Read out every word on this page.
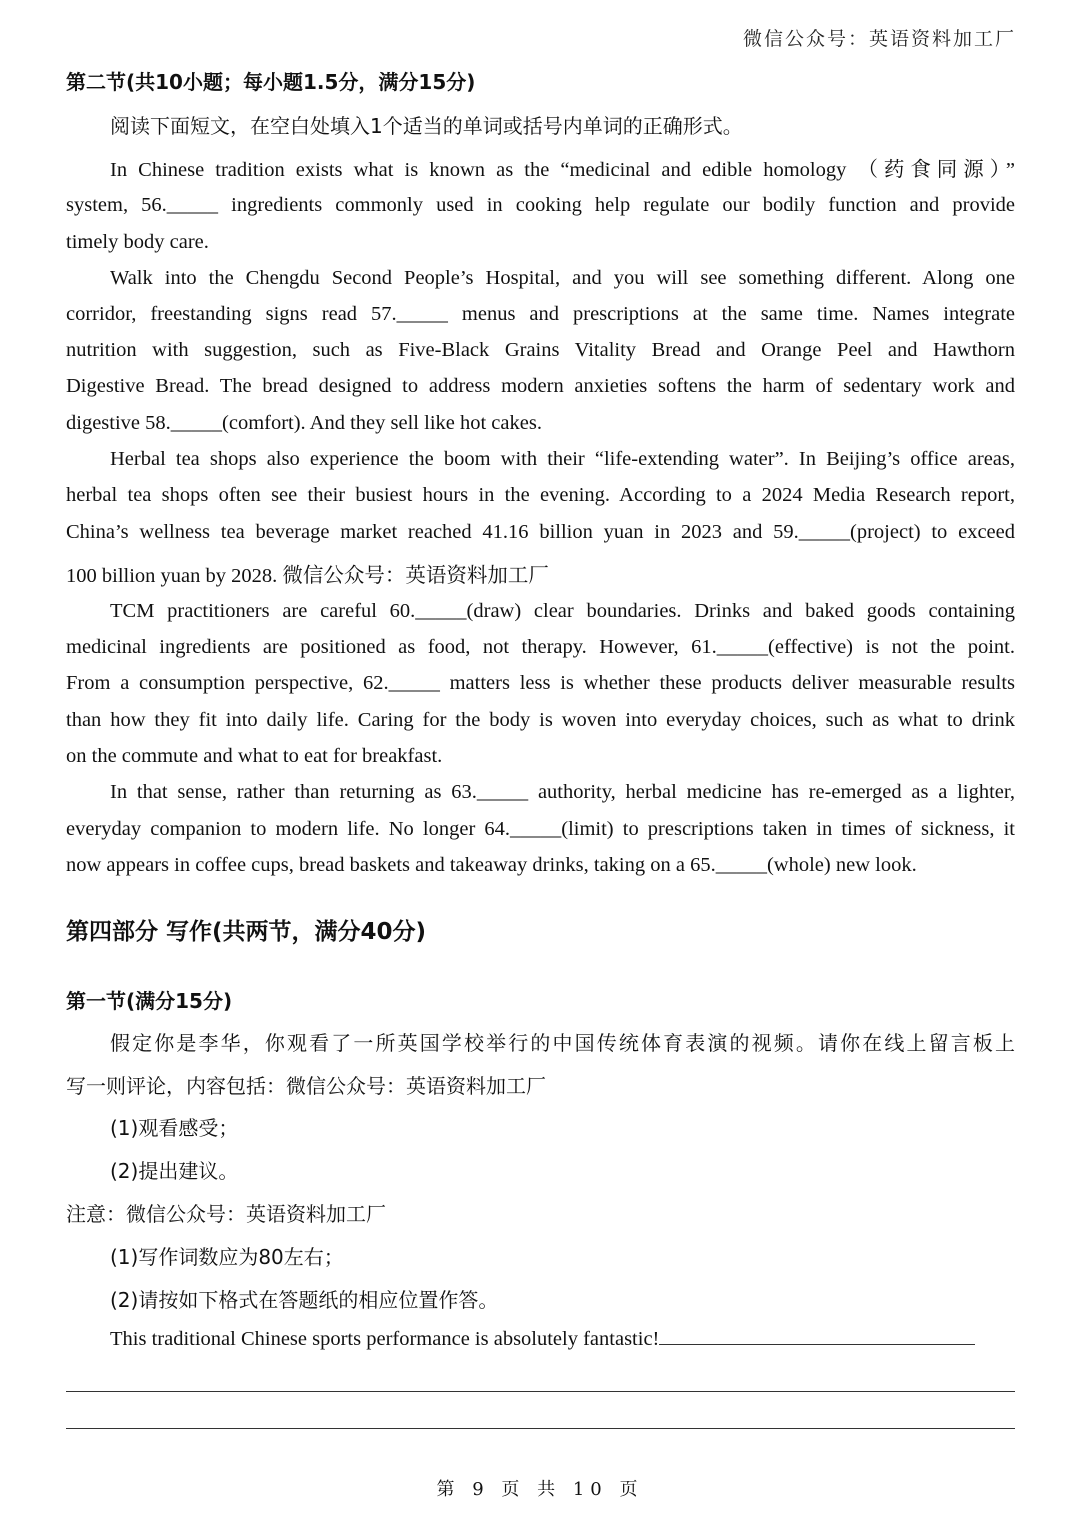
微信公众号：英语资料加工厂
第二节(共10小题；每小题1.5分，满分15分)
阅读下面短文，在空白处填入1个适当的单词或括号内单词的正确形式。
In Chinese tradition exists what is known as the “medicinal and edible homology （药食同源）”
system, 56._____ ingredients commonly used in cooking help regulate our bodily function and provide
timely body care.
Walk into the Chengdu Second People’s Hospital, and you will see something different. Along one
corridor, freestanding signs read 57._____ menus and prescriptions at the same time. Names integrate
nutrition with suggestion, such as Five-Black Grains Vitality Bread and Orange Peel and Hawthorn
Digestive Bread. The bread designed to address modern anxieties softens the harm of sedentary work and
digestive 58._____(comfort). And they sell like hot cakes.
Herbal tea shops also experience the boom with their “life-extending water”. In Beijing’s office areas,
herbal tea shops often see their busiest hours in the evening. According to a 2024 Media Research report,
China’s wellness tea beverage market reached 41.16 billion yuan in 2023 and 59._____(project) to exceed
100 billion yuan by 2028. 微信公众号：英语资料加工厂
TCM practitioners are careful 60._____(draw) clear boundaries. Drinks and baked goods containing
medicinal ingredients are positioned as food, not therapy. However, 61._____(effective) is not the point.
From a consumption perspective, 62._____ matters less is whether these products deliver measurable results
than how they fit into daily life. Caring for the body is woven into everyday choices, such as what to drink
on the commute and what to eat for breakfast.
In that sense, rather than returning as 63._____ authority, herbal medicine has re-emerged as a lighter,
everyday companion to modern life. No longer 64._____(limit) to prescriptions taken in times of sickness, it
now appears in coffee cups, bread baskets and takeaway drinks, taking on a 65._____(whole) new look.
第四部分 写作(共两节，满分40分)
第一节(满分15分)
假定你是李华，你观看了一所英国学校举行的中国传统体育表演的视频。请你在线上留言板上
写一则评论，内容包括：微信公众号：英语资料加工厂
(1)观看感受；
(2)提出建议。
注意：微信公众号：英语资料加工厂
(1)写作词数应为80左右；
(2)请按如下格式在答题纸的相应位置作答。
This traditional Chinese sports performance is absolutely fantastic!
第 9 页 共 10 页
